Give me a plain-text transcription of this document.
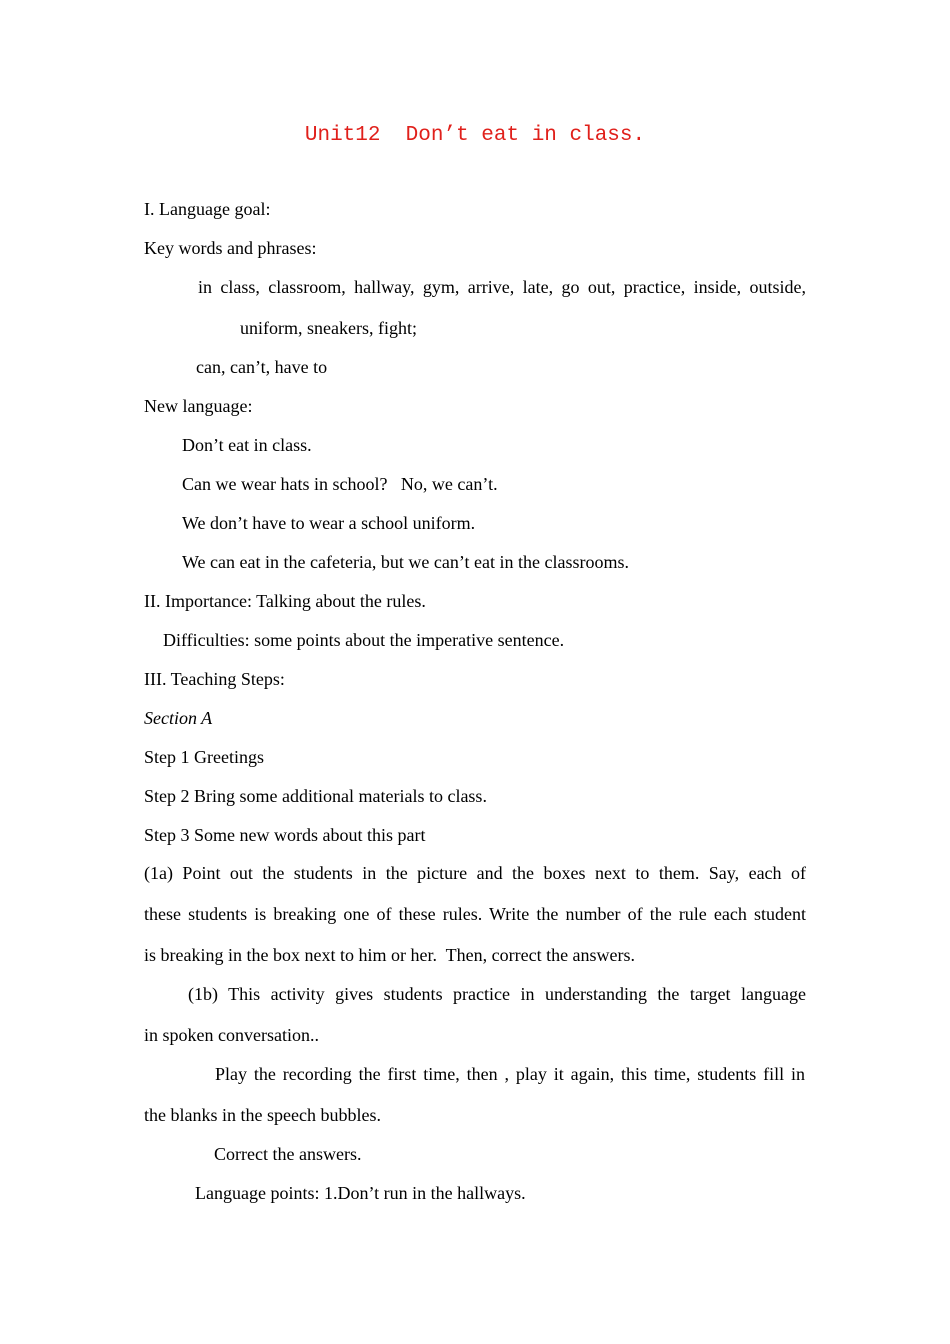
Unit12  Don’t eat in class.
I. Language goal:
Key words and phrases:
in class, classroom, hallway, gym, arrive, late, go out, practice, inside, outside,
uniform, sneakers, fight;
can, can’t, have to
New language:
Don’t eat in class.
Can we wear hats in school?   No, we can’t.
We don’t have to wear a school uniform.
We can eat in the cafeteria, but we can’t eat in the classrooms.
II. Importance: Talking about the rules.
Difficulties: some points about the imperative sentence.
III. Teaching Steps:
Section A
Step 1 Greetings
Step 2 Bring some additional materials to class.
Step 3 Some new words about this part
(1a) Point out the students in the picture and the boxes next to them. Say, each of
these students is breaking one of these rules. Write the number of the rule each student
is breaking in the box next to him or her.  Then, correct the answers.
(1b) This activity gives students practice in understanding the target language
in spoken conversation..
Play the recording the first time, then , play it again, this time, students fill in
the blanks in the speech bubbles.
Correct the answers.
Language points: 1.Don’t run in the hallways.
